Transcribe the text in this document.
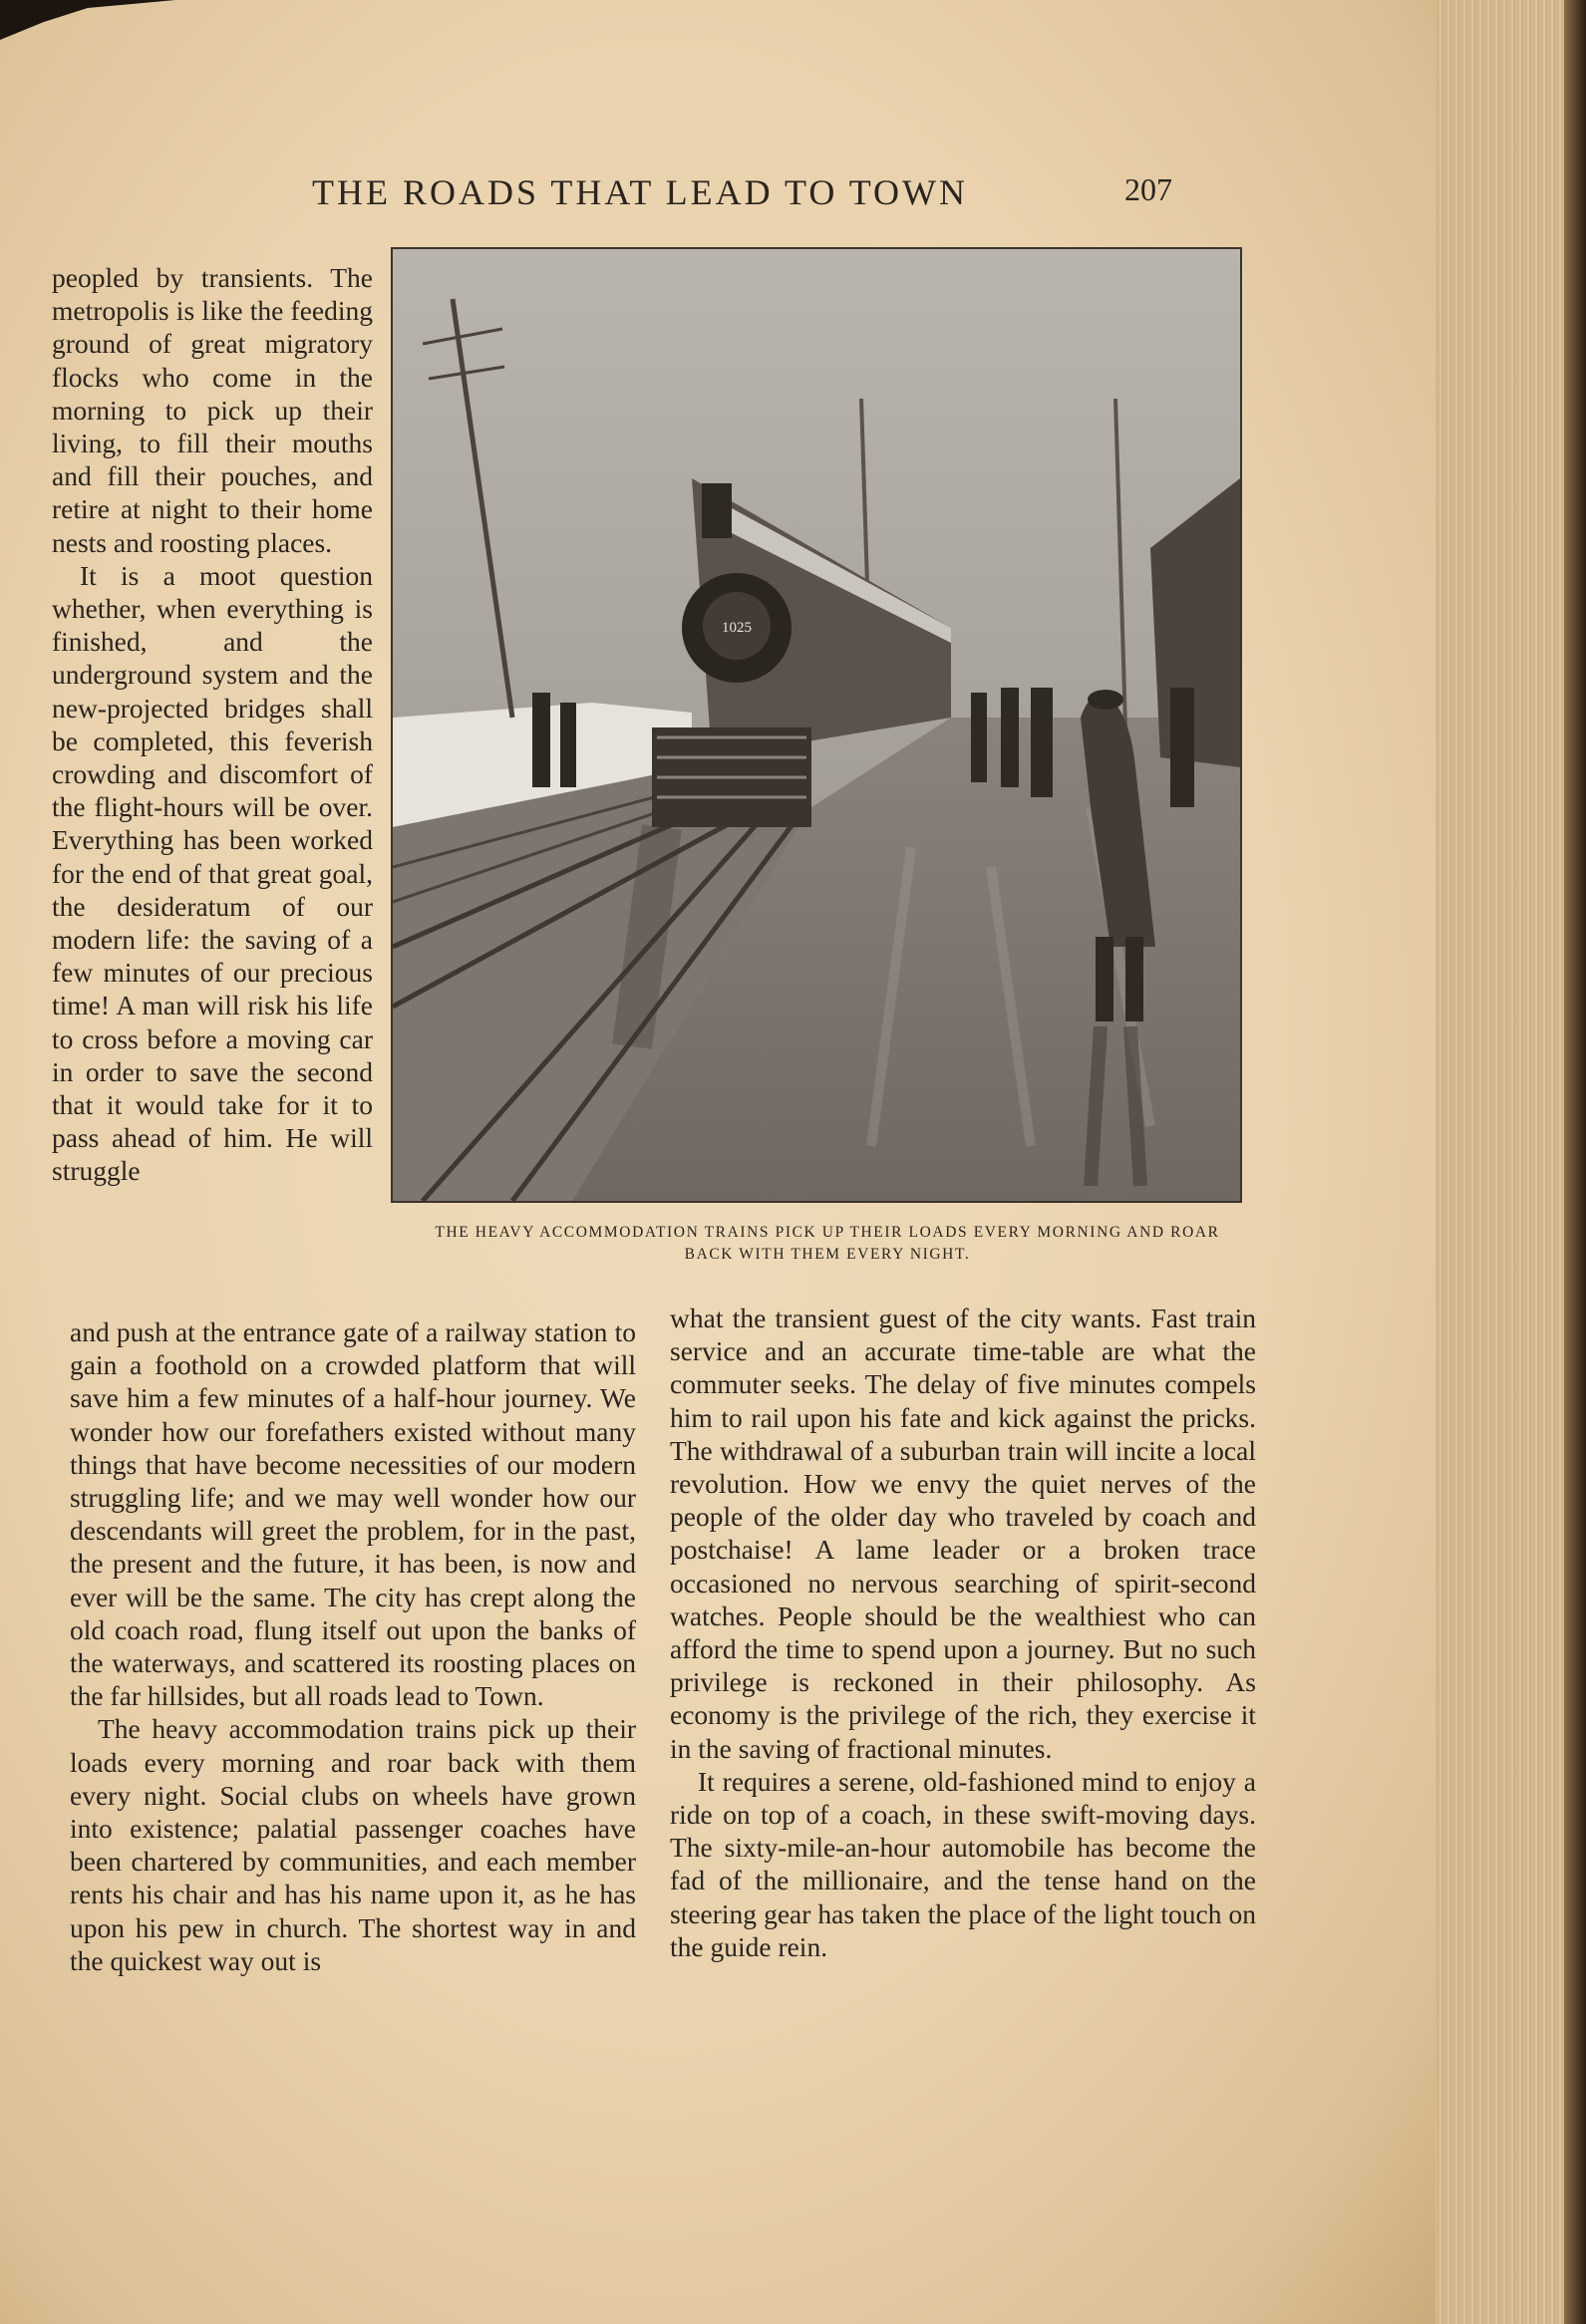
THE ROADS THAT LEAD TO TOWN	207

peopled by transients. The metropolis is like the feeding ground of great migratory flocks who come in the morning to pick up their living, to fill their mouths and fill their pouches, and retire at night to their home nests and roosting places.

It is a moot question whether, when everything is finished, and the underground system and the new-projected bridges shall be completed, this feverish crowding and discomfort of the flight-hours will be over. Everything has been worked for the end of that great goal, the desideratum of our modern life: the saving of a few minutes of our precious time! A man will risk his life to cross before a moving car in order to save the second that it would take for it to pass ahead of him. He will struggle

1025
THE HEAVY ACCOMMODATION TRAINS PICK UP THEIR LOADS EVERY MORNING AND ROAR BACK WITH THEM EVERY NIGHT.

and push at the entrance gate of a railway station to gain a foothold on a crowded platform that will save him a few minutes of a half-hour journey. We wonder how our forefathers existed without many things that have become necessities of our modern struggling life; and we may well wonder how our descendants will greet the problem, for in the past, the present and the future, it has been, is now and ever will be the same. The city has crept along the old coach road, flung itself out upon the banks of the waterways, and scattered its roosting places on the far hillsides, but all roads lead to Town.

The heavy accommodation trains pick up their loads every morning and roar back with them every night. Social clubs on wheels have grown into existence; palatial passenger coaches have been chartered by communities, and each member rents his chair and has his name upon it, as he has upon his pew in church. The shortest way in and the quickest way out is

what the transient guest of the city wants. Fast train service and an accurate time-table are what the commuter seeks. The delay of five minutes compels him to rail upon his fate and kick against the pricks. The withdrawal of a suburban train will incite a local revolution. How we envy the quiet nerves of the people of the older day who traveled by coach and postchaise! A lame leader or a broken trace occasioned no nervous searching of spirit-second watches. People should be the wealthiest who can afford the time to spend upon a journey. But no such privilege is reckoned in their philosophy. As economy is the privilege of the rich, they exercise it in the saving of fractional minutes.

It requires a serene, old-fashioned mind to enjoy a ride on top of a coach, in these swift-moving days. The sixty-mile-an-hour automobile has become the fad of the millionaire, and the tense hand on the steering gear has taken the place of the light touch on the guide rein.
